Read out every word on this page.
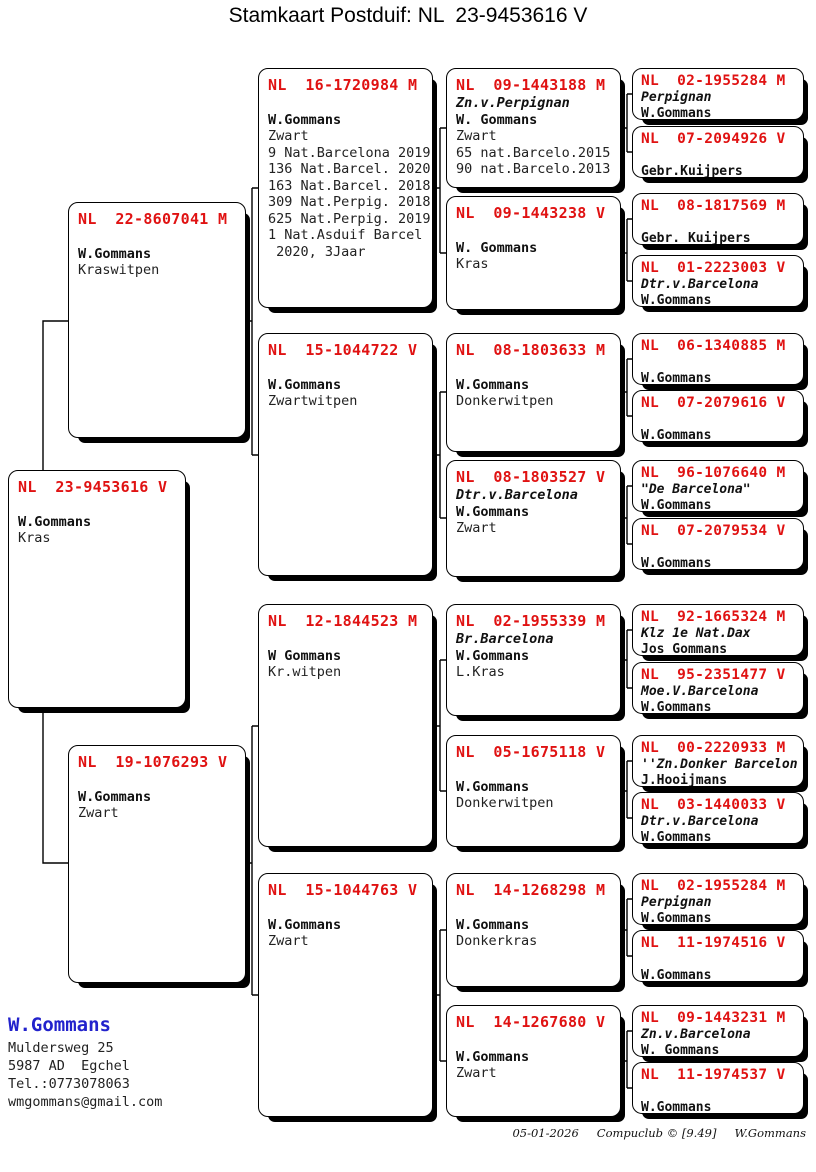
Stamkaart Postduif: NL  23-9453616 V
NL  23-9453616 V
W.Gommans
Kras
NL  22-8607041 M
W.Gommans
Kraswitpen
NL  19-1076293 V
W.Gommans
Zwart
NL  16-1720984 M
W.Gommans
Zwart
9 Nat.Barcelona 2019
136 Nat.Barcel. 2020
163 Nat.Barcel. 2018
309 Nat.Perpig. 2018
625 Nat.Perpig. 2019
1 Nat.Asduif Barcel
2020, 3Jaar
NL  15-1044722 V
W.Gommans
Zwartwitpen
NL  12-1844523 M
W Gommans
Kr.witpen
NL  15-1044763 V
W.Gommans
Zwart
NL  09-1443188 M
Zn.v.Perpignan
W. Gommans
Zwart
65 nat.Barcelo.2015
90 nat.Barcelo.2013
NL  09-1443238 V
W. Gommans
Kras
NL  08-1803633 M
W.Gommans
Donkerwitpen
NL  08-1803527 V
Dtr.v.Barcelona
W.Gommans
Zwart
NL  02-1955339 M
Br.Barcelona
W.Gommans
L.Kras
NL  05-1675118 V
W.Gommans
Donkerwitpen
NL  14-1268298 M
W.Gommans
Donkerkras
NL  14-1267680 V
W.Gommans
Zwart
NL  02-1955284 M
Perpignan
W.Gommans
NL  07-2094926 V
Gebr.Kuijpers
NL  08-1817569 M
Gebr. Kuijpers
NL  01-2223003 V
Dtr.v.Barcelona
W.Gommans
NL  06-1340885 M
W.Gommans
NL  07-2079616 V
W.Gommans
NL  96-1076640 M
"De Barcelona"
W.Gommans
NL  07-2079534 V
W.Gommans
NL  92-1665324 M
Klz 1e Nat.Dax
Jos Gommans
NL  95-2351477 V
Moe.V.Barcelona
W.Gommans
NL  00-2220933 M
''Zn.Donker Barcelon
J.Hooijmans
NL  03-1440033 V
Dtr.v.Barcelona
W.Gommans
NL  02-1955284 M
Perpignan
W.Gommans
NL  11-1974516 V
W.Gommans
NL  09-1443231 M
Zn.v.Barcelona
W. Gommans
NL  11-1974537 V
W.Gommans
W.Gommans
Muldersweg 25
5987 AD  Egchel
Tel.:0773078063
wmgommans@gmail.com
05-01-2026 Compuclub © [9.49] W.Gommans
